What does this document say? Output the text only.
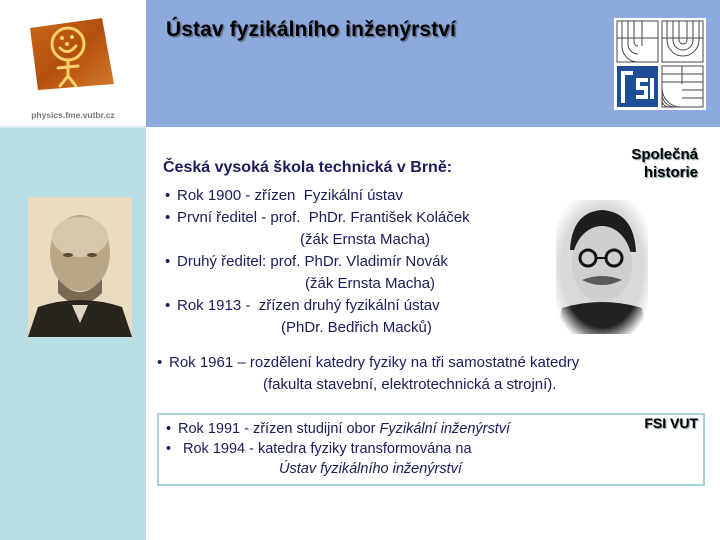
physics.fme.vutbr.cz
Ústav fyzikálního inženýrství
Společná
historie
FSI VUT
Česká vysoká škola technická v Brně:
• Rok 1900 - zřízen  Fyzikální ústav
• První ředitel - prof.  PhDr. František Koláček
(žák Ernsta Macha)
• Druhý ředitel: prof. PhDr. Vladimír Novák
(žák Ernsta Macha)
• Rok 1913 -  zřízen druhý fyzikální ústav
(PhDr. Bedřich Macků)
• Rok 1961 – rozdělení katedry fyziky na tři samostatné katedry
(fakulta stavební, elektrotechnická a strojní).
• Rok 1991 - zřízen studijní obor Fyzikální inženýrství
• Rok 1994 - katedra fyziky transformována na
Ústav fyzikálního inženýrství
